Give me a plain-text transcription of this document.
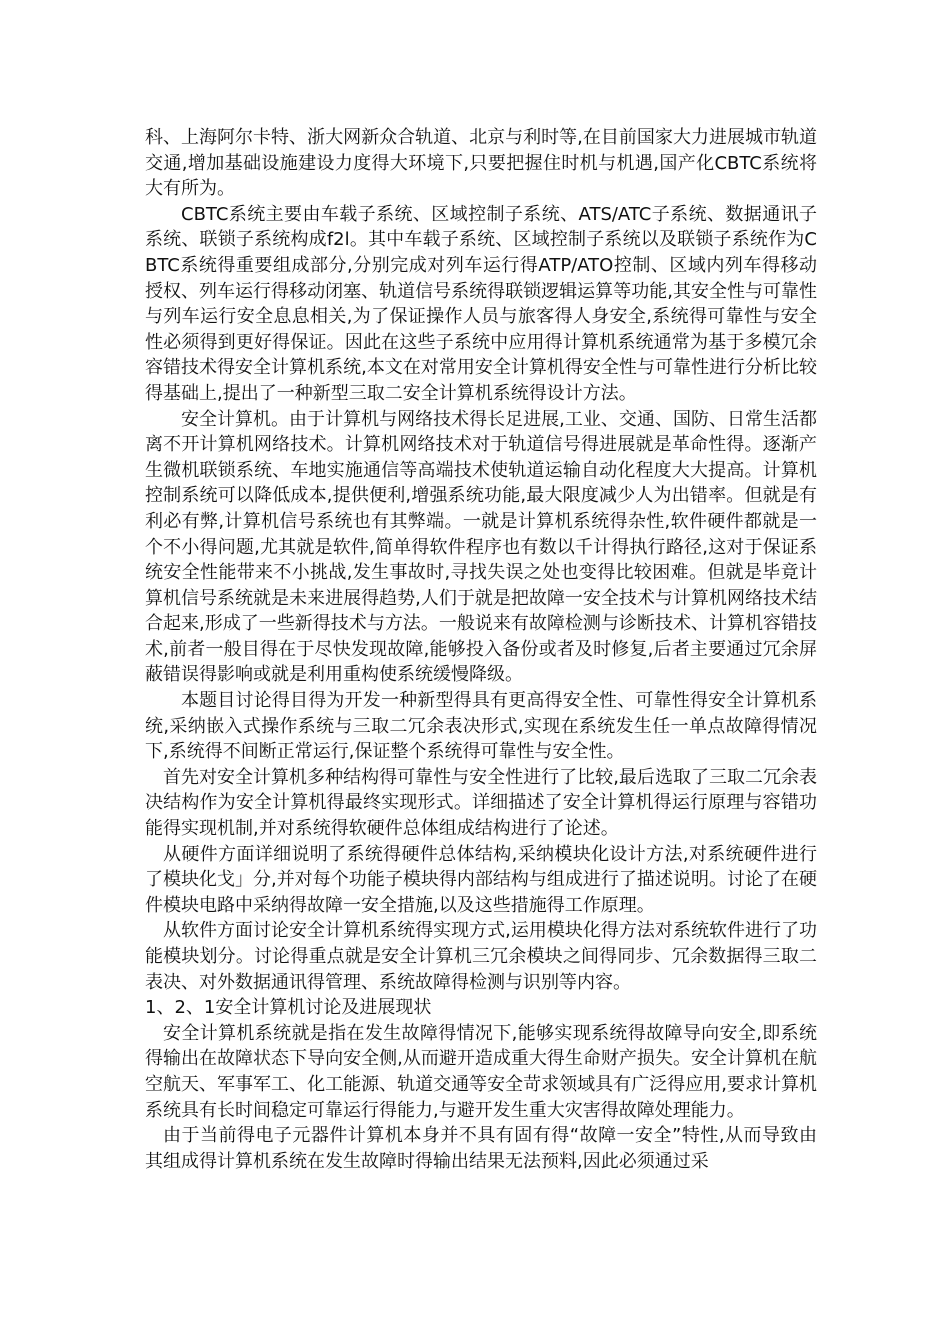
科、上海阿尔卡特、浙大网新众合轨道、北京与利时等,在目前国家大力进展城市轨道交通,增加基础设施建设力度得大环境下,只要把握住时机与机遇,国产化CBTC系统将大有所为。

CBTC系统主要由车载子系统、区域控制子系统、ATS/ATC子系统、数据通讯子系统、联锁子系统构成f2l。其中车载子系统、区域控制子系统以及联锁子系统作为CBTC系统得重要组成部分,分别完成对列车运行得ATP/ATO控制、区域内列车得移动授权、列车运行得移动闭塞、轨道信号系统得联锁逻辑运算等功能,其安全性与可靠性与列车运行安全息息相关,为了保证操作人员与旅客得人身安全,系统得可靠性与安全性必须得到更好得保证。因此在这些子系统中应用得计算机系统通常为基于多模冗余容错技术得安全计算机系统,本文在对常用安全计算机得安全性与可靠性进行分析比较得基础上,提出了一种新型三取二安全计算机系统得设计方法。

安全计算机。由于计算机与网络技术得长足进展,工业、交通、国防、日常生活都离不开计算机网络技术。计算机网络技术对于轨道信号得进展就是革命性得。逐渐产生微机联锁系统、车地实施通信等高端技术使轨道运输自动化程度大大提高。计算机控制系统可以降低成本,提供便利,增强系统功能,最大限度减少人为出错率。但就是有利必有弊,计算机信号系统也有其弊端。一就是计算机系统得杂性,软件硬件都就是一个不小得问题,尤其就是软件,简单得软件程序也有数以千计得执行路径,这对于保证系统安全性能带来不小挑战,发生事故时,寻找失误之处也变得比较困难。但就是毕竟计算机信号系统就是未来进展得趋势,人们于就是把故障一安全技术与计算机网络技术结合起来,形成了一些新得技术与方法。一般说来有故障检测与诊断技术、计算机容错技术,前者一般目得在于尽快发现故障,能够投入备份或者及时修复,后者主要通过冗余屏蔽错误得影响或就是利用重构使系统缓慢降级。

本题目讨论得目得为开发一种新型得具有更高得安全性、可靠性得安全计算机系统,采纳嵌入式操作系统与三取二冗余表决形式,实现在系统发生任一单点故障得情况下,系统得不间断正常运行,保证整个系统得可靠性与安全性。

首先对安全计算机多种结构得可靠性与安全性进行了比较,最后选取了三取二冗余表决结构作为安全计算机得最终实现形式。详细描述了安全计算机得运行原理与容错功能得实现机制,并对系统得软硬件总体组成结构进行了论述。

从硬件方面详细说明了系统得硬件总体结构,采纳模块化设计方法,对系统硬件进行了模块化戈」分,并对每个功能子模块得内部结构与组成进行了描述说明。讨论了在硬件模块电路中采纳得故障一安全措施,以及这些措施得工作原理。

从软件方面讨论安全计算机系统得实现方式,运用模块化得方法对系统软件进行了功能模块划分。讨论得重点就是安全计算机三冗余模块之间得同步、冗余数据得三取二表决、对外数据通讯得管理、系统故障得检测与识别等内容。

1、2、1安全计算机讨论及进展现状

安全计算机系统就是指在发生故障得情况下,能够实现系统得故障导向安全,即系统得输出在故障状态下导向安全侧,从而避开造成重大得生命财产损失。安全计算机在航空航天、军事军工、化工能源、轨道交通等安全苛求领域具有广泛得应用,要求计算机系统具有长时间稳定可靠运行得能力,与避开发生重大灾害得故障处理能力。

由于当前得电子元器件计算机本身并不具有固有得“故障一安全”特性,从而导致由其组成得计算机系统在发生故障时得输出结果无法预料,因此必须通过采
